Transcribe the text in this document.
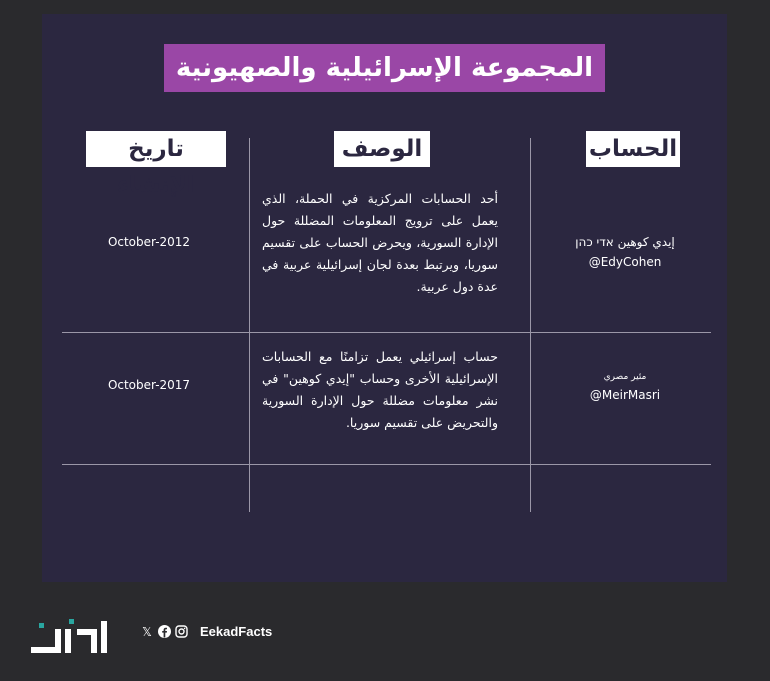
المجموعة الإسرائيلية والصهيونية
الحساب
الوصف
تاريخ الإنشاء
إيدي كوهين אדי כהן
@EdyCohen
أحد الحسابات المركزية في الحملة، الذي يعمل على ترويج المعلومات المضللة حول الإدارة السورية، ويحرض الحساب على تقسيم سوريا، ويرتبط بعدة لجان إسرائيلية عربية في عدة دول عربية.
October-2012
مئير مصري
@MeirMasri
حساب إسرائيلي يعمل تزامنًا مع الحسابات الإسرائيلية الأخرى وحساب "إيدي كوهين" في نشر معلومات مضللة حول الإدارة السورية والتحريض على تقسيم سوريا.
October-2017
𝕏	EekadFacts
